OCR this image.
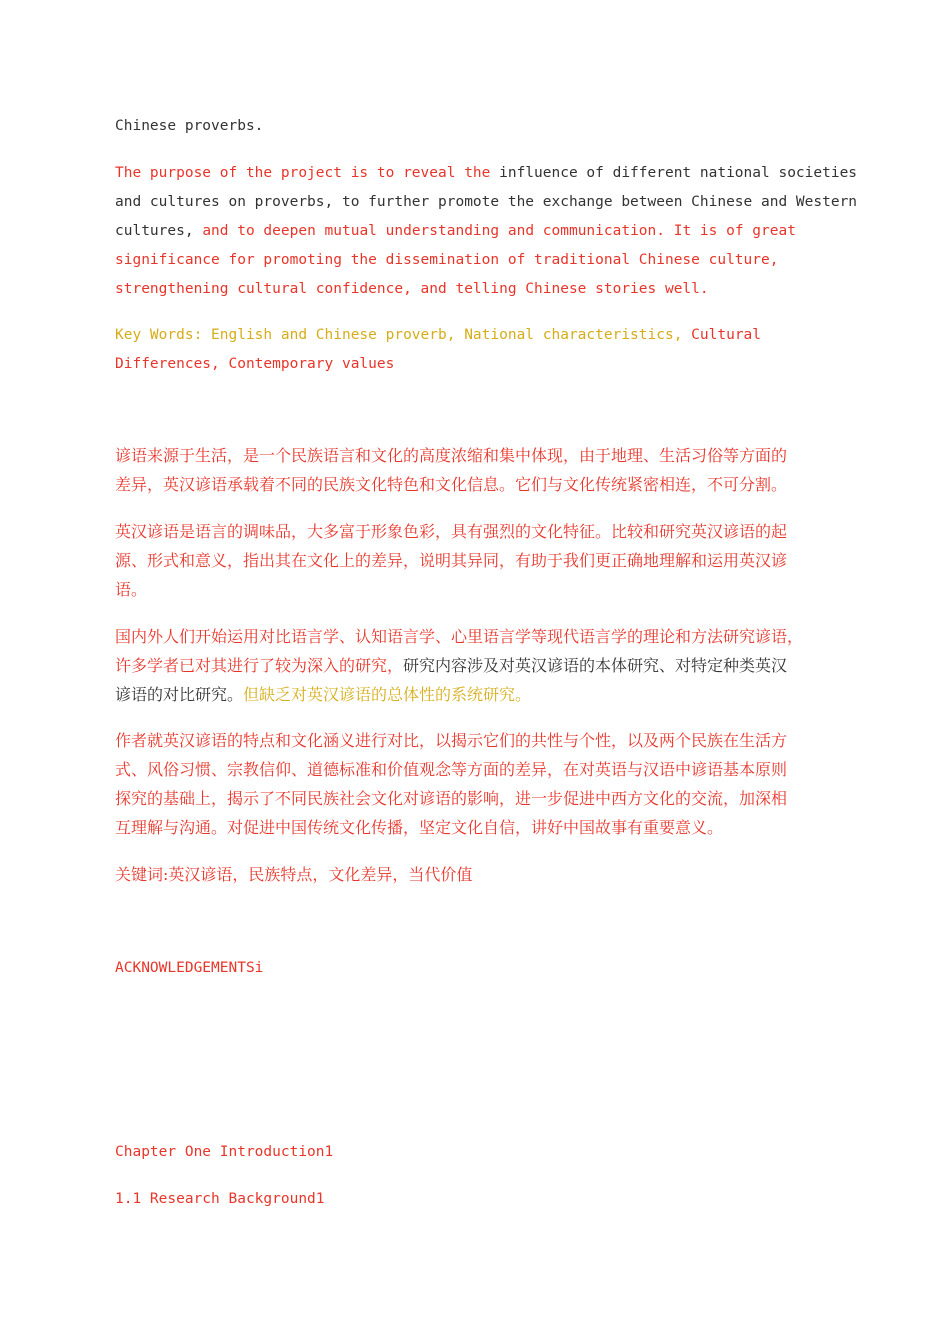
Chinese proverbs.

The purpose of the project is to reveal the influence of different national societies
and cultures on proverbs, to further promote the exchange between Chinese and Western
cultures, and to deepen mutual understanding and communication. It is of great
significance for promoting the dissemination of traditional Chinese culture,
strengthening cultural confidence, and telling Chinese stories well.

Key Words: English and Chinese proverb, National characteristics, Cultural
Differences, Contemporary values

谚语来源于生活，是一个民族语言和文化的高度浓缩和集中体现，由于地理、生活习俗等方面的
差异，英汉谚语承载着不同的民族文化特色和文化信息。它们与文化传统紧密相连，不可分割。

英汉谚语是语言的调味品，大多富于形象色彩，具有强烈的文化特征。比较和研究英汉谚语的起
源、形式和意义，指出其在文化上的差异，说明其异同，有助于我们更正确地理解和运用英汉谚
语。

国内外人们开始运用对比语言学、认知语言学、心里语言学等现代语言学的理论和方法研究谚语，
许多学者已对其进行了较为深入的研究，研究内容涉及对英汉谚语的本体研究、对特定种类英汉
谚语的对比研究。但缺乏对英汉谚语的总体性的系统研究。

作者就英汉谚语的特点和文化涵义进行对比，以揭示它们的共性与个性，以及两个民族在生活方
式、风俗习惯、宗教信仰、道德标准和价值观念等方面的差异，在对英语与汉语中谚语基本原则
探究的基础上，揭示了不同民族社会文化对谚语的影响，进一步促进中西方文化的交流，加深相
互理解与沟通。对促进中国传统文化传播，坚定文化自信，讲好中国故事有重要意义。

关键词:英汉谚语，民族特点，文化差异，当代价值

ACKNOWLEDGEMENTSi

Chapter One Introduction1

1.1 Research Background1
